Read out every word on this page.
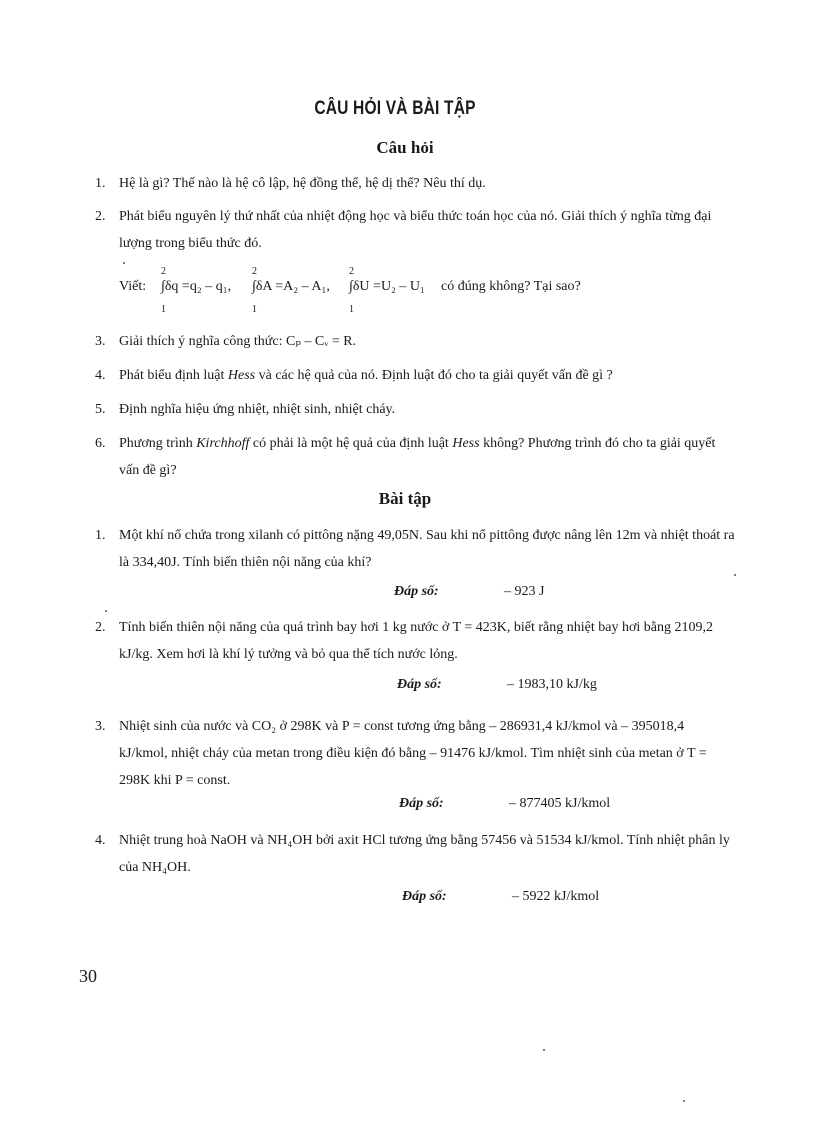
CÂU HỎI VÀ BÀI TẬP
Câu hỏi
1. Hệ là gì? Thế nào là hệ cô lập, hệ đồng thể, hệ dị thể? Nêu thí dụ.
2. Phát biểu nguyên lý thứ nhất của nhiệt động học và biểu thức toán học của nó. Giải thích ý nghĩa từng đại lượng trong biểu thức đó.
Viết:
2
1
∫δq =q₂ – q₁,
2
1
∫δA =A₂ – A₁,
2
1
∫δU =U₂ – U₁ có đúng không? Tại sao?
3. Giải thích ý nghĩa công thức: Cₚ – Cᵥ = R.
4. Phát biểu định luật Hess và các hệ quả của nó. Định luật đó cho ta giải quyết vấn đề gì ?
5. Định nghĩa hiệu ứng nhiệt, nhiệt sinh, nhiệt cháy.
6. Phương trình Kirchhoff có phải là một hệ quả của định luật Hess không? Phương trình đó cho ta giải quyết vấn đề gì?
Bài tập
1. Một khí nổ chứa trong xilanh có pittông nặng 49,05N. Sau khi nổ pittông được nâng lên 12m và nhiệt thoát ra là 334,40J. Tính biến thiên nội năng của khí?
Đáp số:	– 923 J
2. Tính biến thiên nội năng của quá trình bay hơi 1 kg nước ở T = 423K, biết rằng nhiệt bay hơi bằng 2109,2 kJ/kg. Xem hơi là khí lý tưởng và bỏ qua thể tích nước lỏng.
Đáp số:	– 1983,10 kJ/kg
3. Nhiệt sinh của nước và CO₂ ở 298K và P = const tương ứng bằng – 286931,4 kJ/kmol và – 395018,4 kJ/kmol, nhiệt cháy của metan trong điều kiện đó bằng – 91476 kJ/kmol. Tìm nhiệt sinh của metan ở T = 298K khi P = const.
Đáp số:	– 877405 kJ/kmol
4. Nhiệt trung hoà NaOH và NH₄OH bởi axit HCl tương ứng bằng 57456 và 51534 kJ/kmol. Tính nhiệt phân ly của NH₄OH.
Đáp số:	– 5922 kJ/kmol
30
